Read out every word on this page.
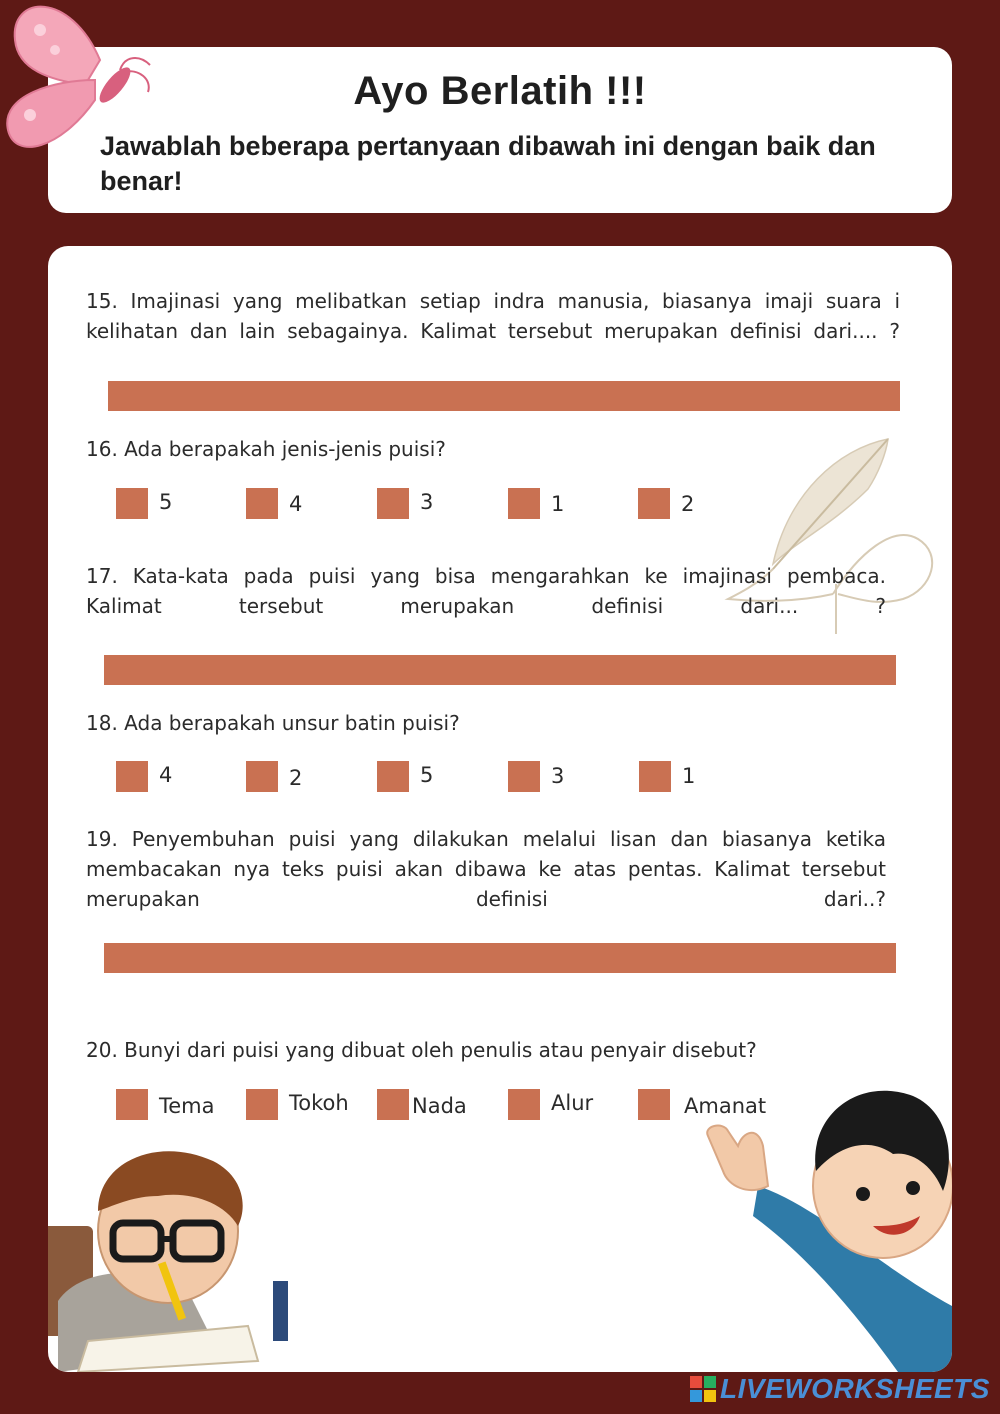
Ayo Berlatih !!!
Jawablah beberapa pertanyaan dibawah ini dengan baik dan benar!
15. Imajinasi yang melibatkan setiap indra manusia, biasanya imaji suara i kelihatan dan lain sebagainya. Kalimat tersebut merupakan definisi dari.... ?
16. Ada berapakah jenis-jenis puisi?
5	4	3	1	2
17. Kata-kata pada puisi yang bisa mengarahkan ke imajinasi pembaca. Kalimat tersebut merupakan definisi dari... ?
18. Ada berapakah unsur batin puisi?
4	2	5	3	1
19. Penyembuhan puisi yang dilakukan melalui lisan dan biasanya ketika membacakan nya teks puisi akan dibawa ke atas pentas. Kalimat tersebut merupakan definisi dari..?
20. Bunyi dari puisi yang dibuat oleh penulis atau penyair disebut?
Tema	Tokoh	Nada	Alur	Amanat
LIVEWORKSHEETS
